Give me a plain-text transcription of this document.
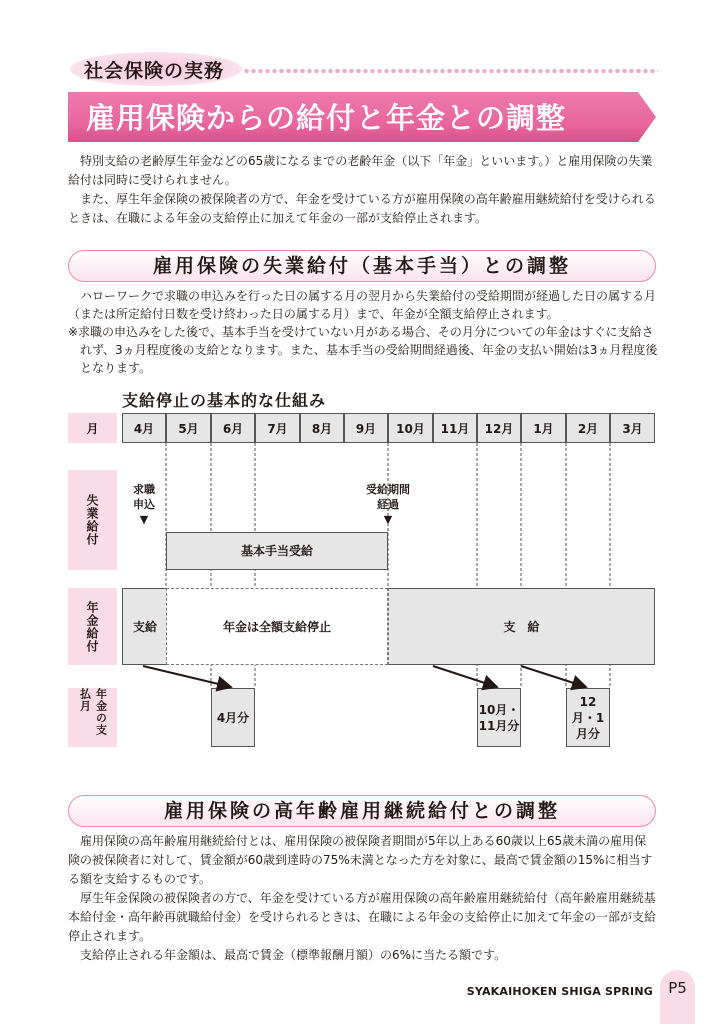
社会保険の実務
雇用保険からの給付と年金との調整

特別支給の老齢厚生年金などの65歳になるまでの老齢年金（以下「年金」といいます。）と雇用保険の失業給付は同時に受けられません。

また、厚生年金保険の被保険者の方で、年金を受けている方が雇用保険の高年齢雇用継続給付を受けられるときは、在職による年金の支給停止に加えて年金の一部が支給停止されます。

雇用保険の失業給付（基本手当）との調整

ハローワークで求職の申込みを行った日の属する月の翌月から失業給付の受給期間が経過した日の属する月（または所定給付日数を受け終わった日の属する月）まで、年金が全額支給停止されます。

※求職の申込みをした後で、基本手当を受けていない月がある場合、その月分についての年金はすぐに支給されず、3ヵ月程度後の支給となります。また、基本手当の受給期間経過後、年金の支払い開始は3ヵ月程度後となります。

支給停止の基本的な仕組み
月
失業給付
年金給付
年金の支払月
4月	5月	6月	7月	8月	9月	10月	11月	12月	1月	2月	3月
求職申込
▼
受給期間経過
▼
基本手当受給
支給	年金は全額支給停止	支　給
4月分
10月・11月分
12月・1月分
雇用保険の高年齢雇用継続給付との調整

雇用保険の高年齢雇用継続給付とは、雇用保険の被保険者期間が5年以上ある60歳以上65歳未満の雇用保険の被保険者に対して、賃金額が60歳到達時の75%未満となった方を対象に、最高で賃金額の15%に相当する額を支給するものです。

厚生年金保険の被保険者の方で、年金を受けている方が雇用保険の高年齢雇用継続給付（高年齢雇用継続基本給付金・高年齢再就職給付金）を受けられるときは、在職による年金の支給停止に加えて年金の一部が支給停止されます。

支給停止される年金額は、最高で賃金（標準報酬月額）の6%に当たる額です。

SYAKAIHOKEN SHIGA SPRING	P5
